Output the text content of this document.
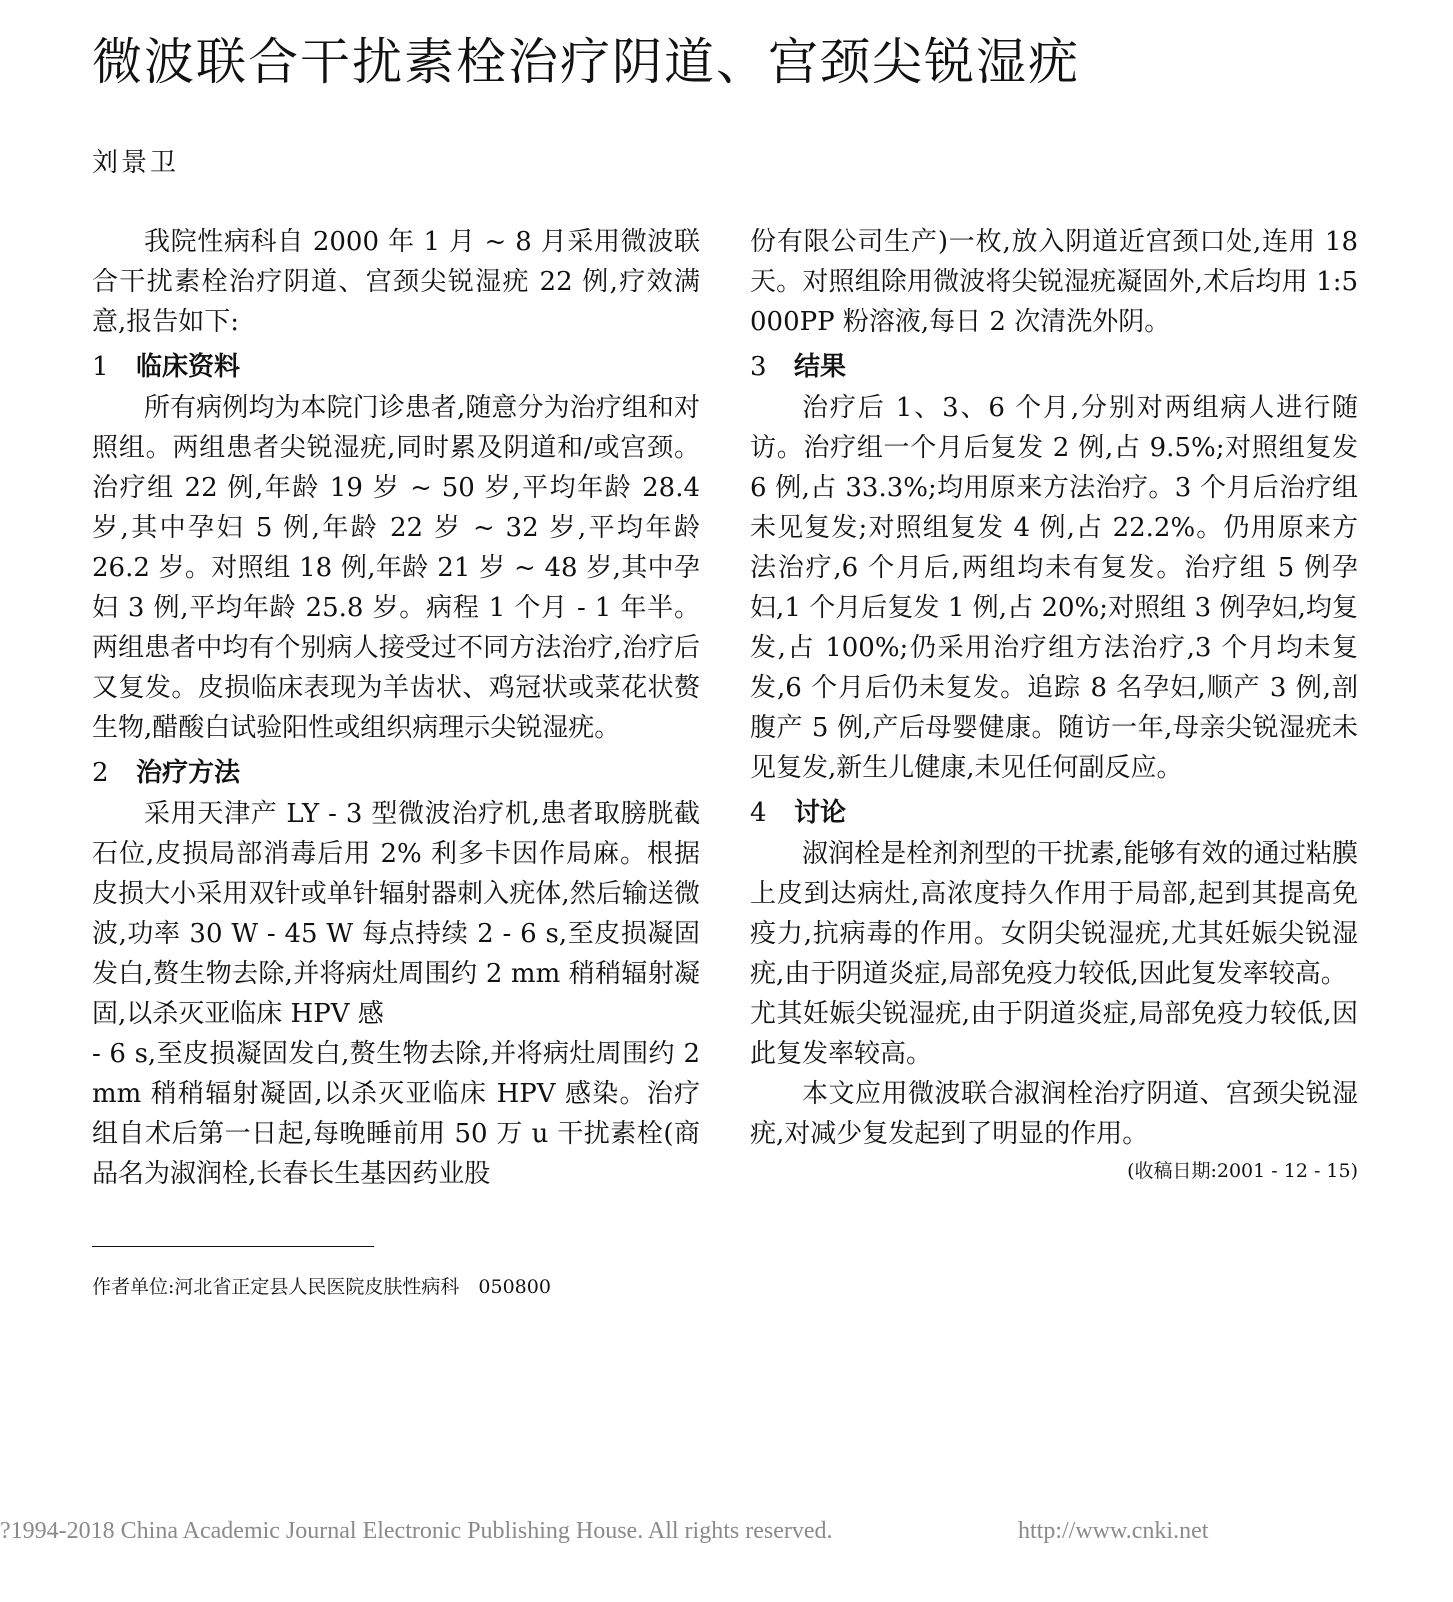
微波联合干扰素栓治疗阴道、宫颈尖锐湿疣

刘景卫

我院性病科自 2000 年 1 月 ~ 8 月采用微波联合干扰素栓治疗阴道、宫颈尖锐湿疣 22 例,疗效满意,报告如下:

1 临床资料

所有病例均为本院门诊患者,随意分为治疗组和对照组。两组患者尖锐湿疣,同时累及阴道和/或宫颈。治疗组 22 例,年龄 19 岁 ~ 50 岁,平均年龄 28.4 岁,其中孕妇 5 例,年龄 22 岁 ~ 32 岁,平均年龄 26.2 岁。对照组 18 例,年龄 21 岁 ~ 48 岁,其中孕妇 3 例,平均年龄 25.8 岁。病程 1 个月 - 1 年半。两组患者中均有个别病人接受过不同方法治疗,治疗后又复发。皮损临床表现为羊齿状、鸡冠状或菜花状赘生物,醋酸白试验阳性或组织病理示尖锐湿疣。

2 治疗方法

采用天津产 LY - 3 型微波治疗机,患者取膀胱截石位,皮损局部消毒后用 2% 利多卡因作局麻。根据皮损大小采用双针或单针辐射器刺入疣体,然后输送微波,功率 30 W - 45 W 每点持续 2 - 6 s,至皮损凝固发白,赘生物去除,并将病灶周围约 2 mm 稍稍辐射凝固,以杀灭亚临床 HPV 感

- 6 s,至皮损凝固发白,赘生物去除,并将病灶周围约 2 mm 稍稍辐射凝固,以杀灭亚临床 HPV 感染。治疗组自术后第一日起,每晚睡前用 50 万 u 干扰素栓(商品名为淑润栓,长春长生基因药业股

份有限公司生产)一枚,放入阴道近宫颈口处,连用 18 天。对照组除用微波将尖锐湿疣凝固外,术后均用 1:5 000PP 粉溶液,每日 2 次清洗外阴。

3 结果

治疗后 1、3、6 个月,分别对两组病人进行随访。治疗组一个月后复发 2 例,占 9.5%;对照组复发 6 例,占 33.3%;均用原来方法治疗。3 个月后治疗组未见复发;对照组复发 4 例,占 22.2%。仍用原来方法治疗,6 个月后,两组均未有复发。治疗组 5 例孕妇,1 个月后复发 1 例,占 20%;对照组 3 例孕妇,均复发,占 100%;仍采用治疗组方法治疗,3 个月均未复发,6 个月后仍未复发。追踪 8 名孕妇,顺产 3 例,剖腹产 5 例,产后母婴健康。随访一年,母亲尖锐湿疣未见复发,新生儿健康,未见任何副反应。

4 讨论

淑润栓是栓剂剂型的干扰素,能够有效的通过粘膜上皮到达病灶,高浓度持久作用于局部,起到其提高免疫力,抗病毒的作用。女阴尖锐湿疣,尤其妊娠尖锐湿疣,由于阴道炎症,局部免疫力较低,因此复发率较高。

尤其妊娠尖锐湿疣,由于阴道炎症,局部免疫力较低,因此复发率较高。

本文应用微波联合淑润栓治疗阴道、宫颈尖锐湿疣,对减少复发起到了明显的作用。

(收稿日期:2001 - 12 - 15)

作者单位:河北省正定县人民医院皮肤性病科　050800

?1994-2018 China Academic Journal Electronic Publishing House. All rights reserved.	http://www.cnki.net
